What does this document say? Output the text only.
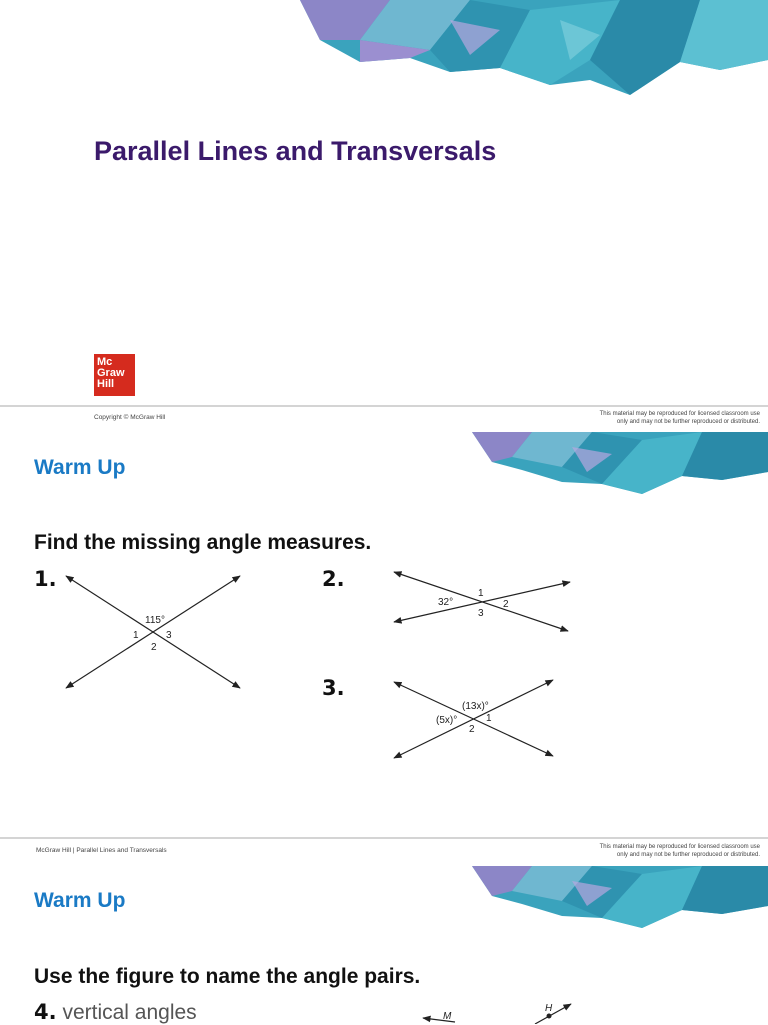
Parallel Lines and Transversals
Mc
Graw
Hill
Copyright © McGraw Hill	This material may be reproduced for licensed classroom use
only and may not be further reproduced or distributed.
Warm Up
Find the missing angle measures.
1.
115°
1	3
2
2.
32°
1
2
3
3.
(13x)°
(5x)°	1
2
McGraw Hill | Parallel Lines and Transversals	This material may be reproduced for licensed classroom use
only and may not be further reproduced or distributed.
Warm Up
Use the figure to name the angle pairs.
4. vertical angles	M
H
